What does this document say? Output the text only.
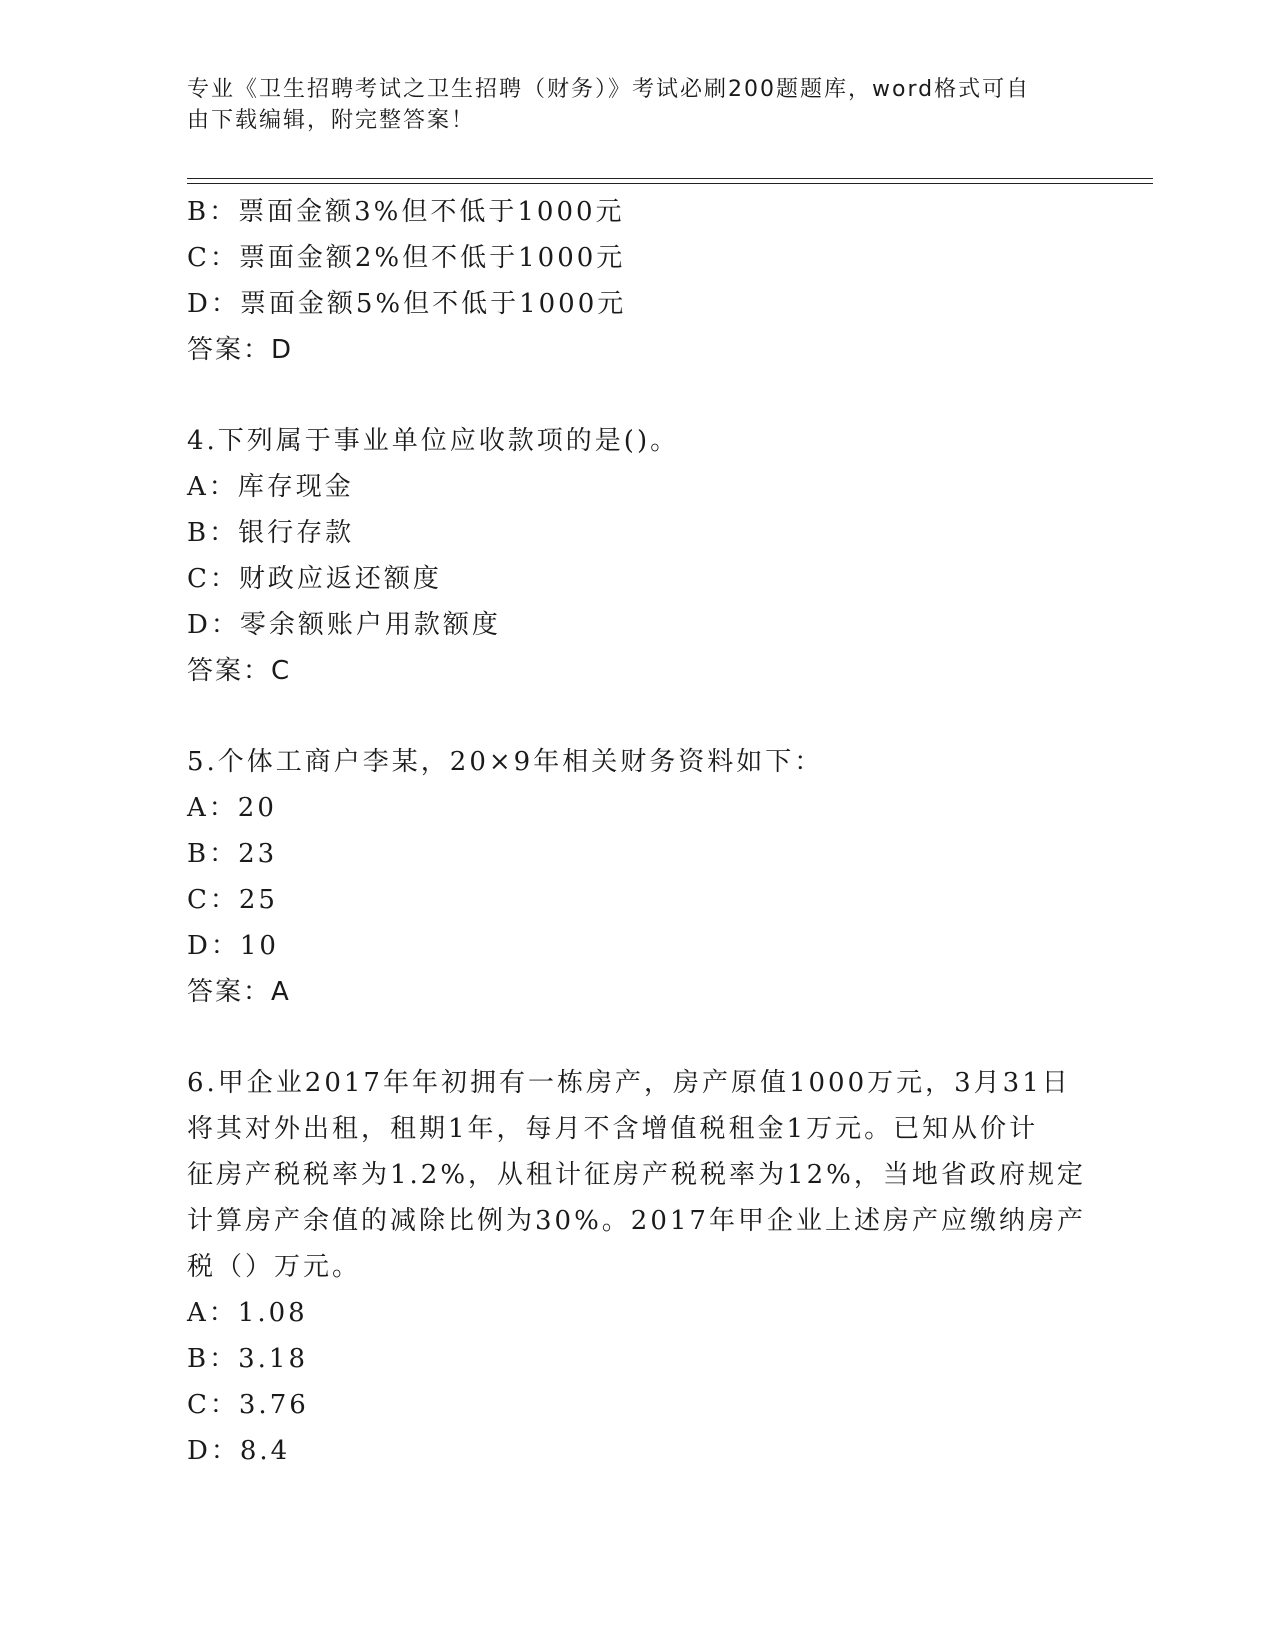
专业《卫生招聘考试之卫生招聘（财务）》考试必刷200题题库，word格式可自
由下载编辑，附完整答案！
B：票面金额3%但不低于1000元
C：票面金额2%但不低于1000元
D：票面金额5%但不低于1000元
答案：D
4.下列属于事业单位应收款项的是()。
A：库存现金
B：银行存款
C：财政应返还额度
D：零余额账户用款额度
答案：C
5.个体工商户李某，20×9年相关财务资料如下：
A：20
B：23
C：25
D：10
答案：A
6.甲企业2017年年初拥有一栋房产，房产原值1000万元，3月31日
将其对外出租，租期1年，每月不含增值税租金1万元。已知从价计
征房产税税率为1.2%，从租计征房产税税率为12%，当地省政府规定
计算房产余值的减除比例为30%。2017年甲企业上述房产应缴纳房产
税（）万元。
A：1.08
B：3.18
C：3.76
D：8.4
